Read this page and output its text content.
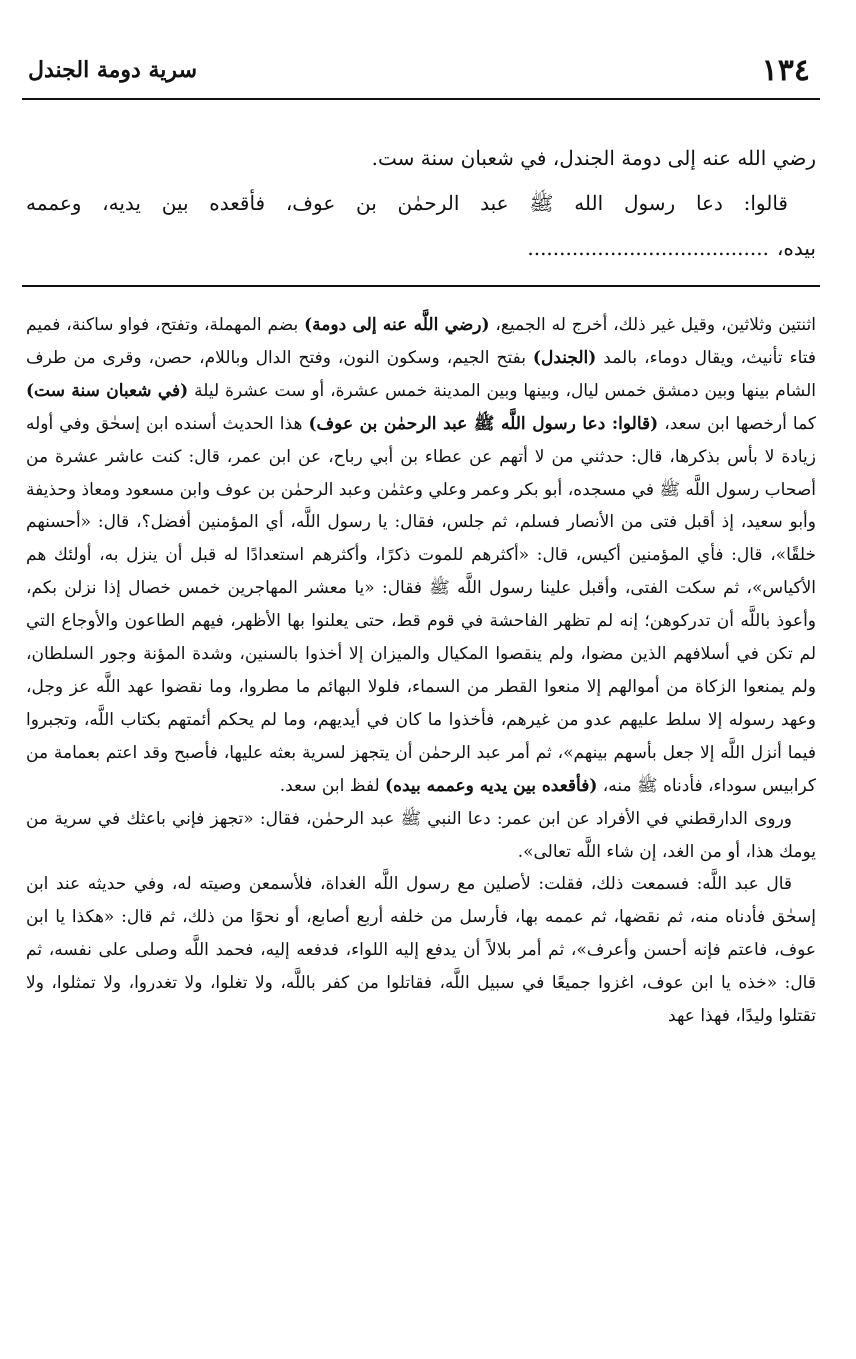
١٣٤
سرية دومة الجندل

رضي الله عنه إلى دومة الجندل، في شعبان سنة ست.

قالوا: دعا رسول الله ﷺ عبد الرحمٰن بن عوف، فأقعده بين يديه، وعممه بيده،......................................

اثنتين وثلاثين، وقيل غير ذلك، أخرج له الجميع، (رضي اللَّه عنه إلى دومة) بضم المهملة، وتفتح، فواو ساكنة، فميم فتاء تأنيث، ويقال دوماء، بالمد (الجندل) بفتح الجيم، وسكون النون، وفتح الدال وباللام، حصن، وقرى من طرف الشام بينها وبين دمشق خمس ليال، وبينها وبين المدينة خمس عشرة، أو ست عشرة ليلة (في شعبان سنة ست) كما أرخصها ابن سعد، (قالوا: دعا رسول اللَّه ﷺ عبد الرحمٰن بن عوف) هذا الحديث أسنده ابن إسحٰق وفي أوله زيادة لا بأس بذكرها، قال: حدثني من لا أتهم عن عطاء بن أبي رباح، عن ابن عمر، قال: كنت عاشر عشرة من أصحاب رسول اللَّه ﷺ في مسجده، أبو بكر وعمر وعلي وعثمٰن وعبد الرحمٰن بن عوف وابن مسعود ومعاذ وحذيفة وأبو سعيد، إذ أقبل فتى من الأنصار فسلم، ثم جلس، فقال: يا رسول اللَّه، أي المؤمنين أفضل؟، قال: «أحسنهم خلقًا»، قال: فأي المؤمنين أكيس، قال: «أكثرهم للموت ذكرًا، وأكثرهم استعدادًا له قبل أن ينزل به، أولئك هم الأكياس»، ثم سكت الفتى، وأقبل علينا رسول اللَّه ﷺ فقال: «يا معشر المهاجرين خمس خصال إذا نزلن بكم، وأعوذ باللَّه أن تدركوهن؛ إنه لم تظهر الفاحشة في قوم قط، حتى يعلنوا بها الأظهر، فيهم الطاعون والأوجاع التي لم تكن في أسلافهم الذين مضوا، ولم ينقصوا المكيال والميزان إلا أخذوا بالسنين، وشدة المؤنة وجور السلطان، ولم يمنعوا الزكاة من أموالهم إلا منعوا القطر من السماء، فلولا البهائم ما مطروا، وما نقضوا عهد اللَّه عز وجل، وعهد رسوله إلا سلط عليهم عدو من غيرهم، فأخذوا ما كان في أيديهم، وما لم يحكم أئمتهم بكتاب اللَّه، وتجبروا فيما أنزل اللَّه إلا جعل بأسهم بينهم»، ثم أمر عبد الرحمٰن أن يتجهز لسرية بعثه عليها، فأصبح وقد اعتم بعمامة من كرابيس سوداء، فأدناه ﷺ منه، (فأقعده بين يديه وعممه بيده) لفظ ابن سعد.

وروى الدارقطني في الأفراد عن ابن عمر: دعا النبي ﷺ عبد الرحمٰن، فقال: «تجهز فإني باعثك في سرية من يومك هذا، أو من الغد، إن شاء اللَّه تعالى».

قال عبد اللَّه: فسمعت ذلك، فقلت: لأصلين مع رسول اللَّه الغداة، فلأسمعن وصيته له، وفي حديثه عند ابن إسحٰق فأدناه منه، ثم نقضها، ثم عممه بها، فأرسل من خلفه أربع أصابع، أو نحوًا من ذلك، ثم قال: «هكذا يا ابن عوف، فاعتم فإنه أحسن وأعرف»، ثم أمر بلالاً أن يدفع إليه اللواء، فدفعه إليه، فحمد اللَّه وصلى على نفسه، ثم قال: «خذه يا ابن عوف، اغزوا جميعًا في سبيل اللَّه، فقاتلوا من كفر باللَّه، ولا تغلوا، ولا تغدروا، ولا تمثلوا، ولا تقتلوا وليدًا، فهذا عهد
